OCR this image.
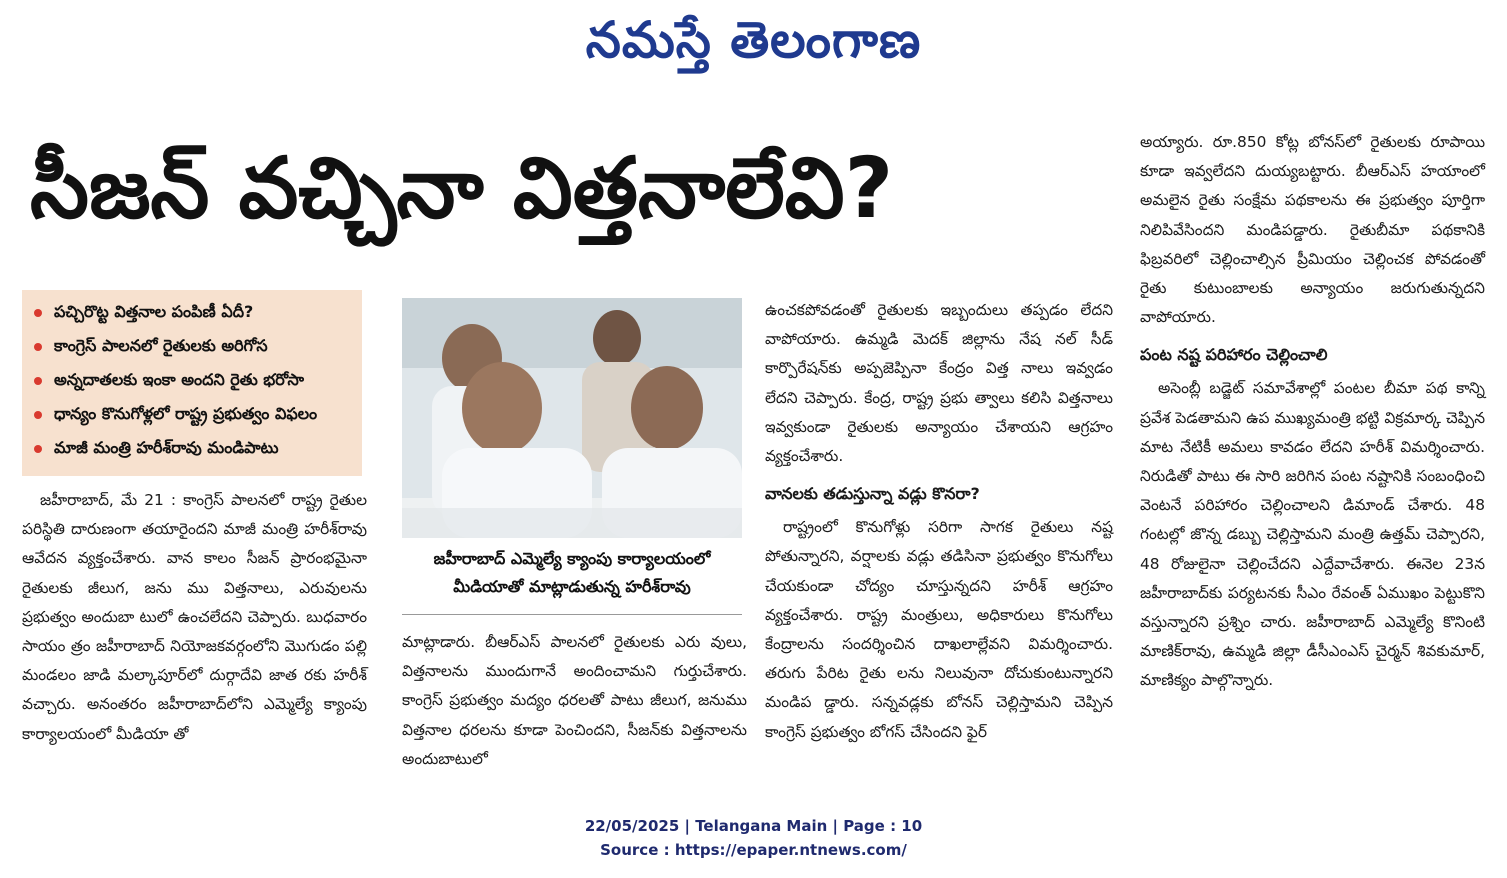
నమస్తే తెలంగాణ
సీజన్ వచ్చినా విత్తనాలేవి?
పచ్చిరొట్ట విత్తనాల పంపిణీ ఏదీ?
కాంగ్రెస్ పాలనలో రైతులకు అరిగోస
అన్నదాతలకు ఇంకా అందని రైతు భరోసా
ధాన్యం కొనుగోళ్లలో రాష్ట్ర ప్రభుత్వం విఫలం
మాజీ మంత్రి హరీశ్‌రావు మండిపాటు

జహీరాబాద్, మే 21 : కాంగ్రెస్ పాలనలో రాష్ట్ర రైతుల పరిస్థితి దారుణంగా తయారైందని మాజీ మంత్రి హరీశ్‌రావు ఆవేదన వ్యక్తంచేశారు. వాన కాలం సీజన్ ప్రారంభమైనా రైతులకు జీలుగ, జను ము విత్తనాలు, ఎరువులను ప్రభుత్వం అందుబా టులో ఉంచలేదని చెప్పారు. బుధవారం సాయం త్రం జహీరాబాద్ నియోజకవర్గంలోని మొగుడం పల్లి మండలం జాడి మల్కాపూర్‌లో దుర్గాదేవి జాత రకు హరీశ్ వచ్చారు. అనంతరం జహీరాబాద్‌లోని ఎమ్మెల్యే క్యాంపు కార్యాలయంలో మీడియా తో

జహీరాబాద్ ఎమ్మెల్యే క్యాంపు కార్యాలయంలో మీడియాతో మాట్లాడుతున్న హరీశ్‌రావు

మాట్లాడారు. బీఆర్ఎస్ పాలనలో రైతులకు ఎరు వులు, విత్తనాలను ముందుగానే అందించామని గుర్తుచేశారు. కాంగ్రెస్ ప్రభుత్వం మద్యం ధరలతో పాటు జీలుగ, జనుము విత్తనాల ధరలను కూడా పెంచిందని, సీజన్‌కు విత్తనాలను అందుబాటులో

ఉంచకపోవడంతో రైతులకు ఇబ్బందులు తప్పడం లేదని వాపోయారు. ఉమ్మడి మెదక్ జిల్లాను నేష నల్ సీడ్ కార్పొరేషన్‌కు అప్పజెప్పినా కేంద్రం విత్త నాలు ఇవ్వడం లేదని చెప్పారు. కేంద్ర, రాష్ట్ర ప్రభు త్వాలు కలిసి విత్తనాలు ఇవ్వకుండా రైతులకు అన్యాయం చేశాయని ఆగ్రహం వ్యక్తంచేశారు.

వానలకు తడుస్తున్నా వడ్లు కొనరా?

రాష్ట్రంలో కొనుగోళ్లు సరిగా సాగక రైతులు నష్ట పోతున్నారని, వర్షాలకు వడ్లు తడిసినా ప్రభుత్వం కొనుగోలు చేయకుండా చోద్యం చూస్తున్నదని హరీశ్ ఆగ్రహం వ్యక్తంచేశారు. రాష్ట్ర మంత్రులు, అధికారులు కొనుగోలు కేంద్రాలను సందర్శించిన దాఖలాల్లేవని విమర్శించారు. తరుగు పేరిట రైతు లను నిలువునా దోచుకుంటున్నారని మండిప డ్డారు. సన్నవడ్లకు బోనస్ చెల్లిస్తామని చెప్పిన కాంగ్రెస్ ప్రభుత్వం బోగస్ చేసిందని ఫైర్

అయ్యారు. రూ.850 కోట్ల బోనస్‌లో రైతులకు రూపాయి కూడా ఇవ్వలేదని దుయ్యబట్టారు. బీఆర్ఎస్ హయాంలో అమలైన రైతు సంక్షేమ పథకాలను ఈ ప్రభుత్వం పూర్తిగా నిలిపివేసిందని మండిపడ్డారు. రైతుబీమా పథకానికి ఫిబ్రవరిలో చెల్లించాల్సిన ప్రీమియం చెల్లించక పోవడంతో రైతు కుటుంబాలకు అన్యాయం జరుగుతున్నదని వాపోయారు.

పంట నష్ట పరిహారం చెల్లించాలి

అసెంబ్లీ బడ్జెట్ సమావేశాల్లో పంటల బీమా పథ కాన్ని ప్రవేశ పెడతామని ఉప ముఖ్యమంత్రి భట్టి విక్రమార్క చెప్పిన మాట నేటికీ అమలు కావడం లేదని హరీశ్ విమర్శించారు. నిరుడితో పాటు ఈ సారి జరిగిన పంట నష్టానికి సంబంధించి వెంటనే పరిహారం చెల్లించాలని డిమాండ్ చేశారు. 48 గంటల్లో జొన్న డబ్బు చెల్లిస్తామని మంత్రి ఉత్తమ్ చెప్పారని, 48 రోజులైనా చెల్లించేదని ఎద్దేవాచేశారు. ఈనెల 23న జహీరాబాద్‌కు పర్యటనకు సీఎం రేవంత్ ఏముఖం పెట్టుకొని వస్తున్నారని ప్రశ్నిం చారు. జహీరాబాద్ ఎమ్మెల్యే కొనింటి మాణిక్‌రావు, ఉమ్మడి జిల్లా డీసీఎంఎస్ చైర్మన్ శివకుమార్, మాణిక్యం పాల్గొన్నారు.

22/05/2025 | Telangana Main | Page : 10
Source : https://epaper.ntnews.com/
